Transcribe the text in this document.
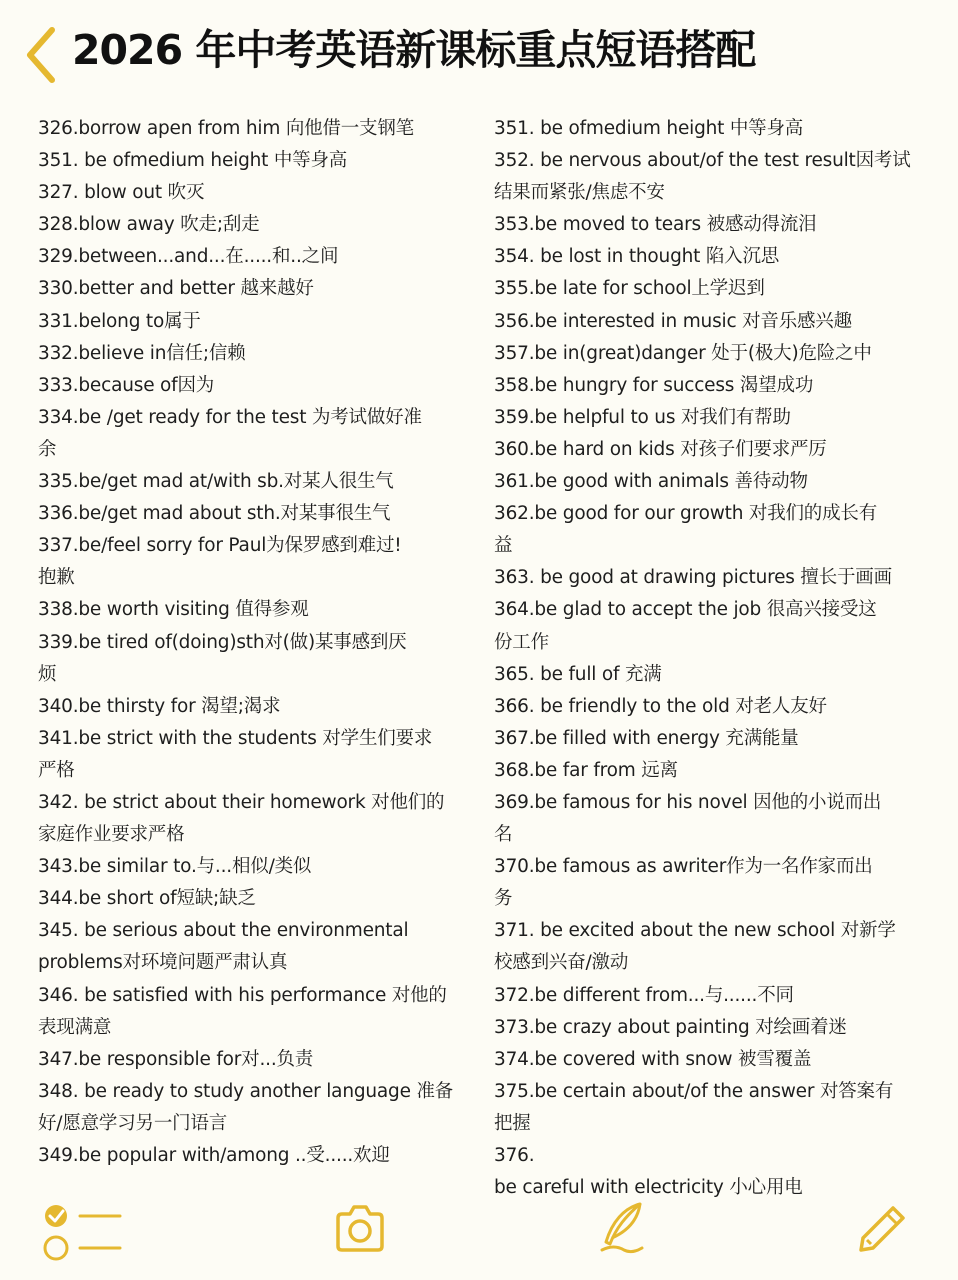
2026 年中考英语新课标重点短语搭配
326.borrow apen from him 向他借一支钢笔
351. be ofmedium height 中等身高
327. blow out 吹灭
328.blow away 吹走;刮走
329.between...and...在.....和..之间
330.better and better 越来越好
331.belong to属于
332.believe in信任;信赖
333.because of因为
334.be /get ready for the test 为考试做好准
余
335.be/get mad at/with sb.对某人很生气
336.be/get mad about sth.对某事很生气
337.be/feel sorry for Paul为保罗感到难过!
抱歉
338.be worth visiting 值得参观
339.be tired of(doing)sth对(做)某事感到厌
烦
340.be thirsty for 渴望;渴求
341.be strict with the students 对学生们要求
严格
342. be strict about their homework 对他们的
家庭作业要求严格
343.be similar to.与...相似/类似
344.be short of短缺;缺乏
345. be serious about the environmental
problems对环境问题严肃认真
346. be satisfied with his performance 对他的
表现满意
347.be responsible for对...负责
348. be ready to study another language 准备
好/愿意学习另一门语言
349.be popular with/among ..受.....欢迎
351. be ofmedium height 中等身高
352. be nervous about/of the test result因考试
结果而紧张/焦虑不安
353.be moved to tears 被感动得流泪
354. be lost in thought 陷入沉思
355.be late for school上学迟到
356.be interested in music 对音乐感兴趣
357.be in(great)danger 处于(极大)危险之中
358.be hungry for success 渴望成功
359.be helpful to us 对我们有帮助
360.be hard on kids 对孩子们要求严厉
361.be good with animals 善待动物
362.be good for our growth 对我们的成长有
益
363. be good at drawing pictures 擅长于画画
364.be glad to accept the job 很高兴接受这
份工作
365. be full of 充满
366. be friendly to the old 对老人友好
367.be filled with energy 充满能量
368.be far from 远离
369.be famous for his novel 因他的小说而出
名
370.be famous as awriter作为一名作家而出
务
371. be excited about the new school 对新学
校感到兴奋/激动
372.be different from...与......不同
373.be crazy about painting 对绘画着迷
374.be covered with snow 被雪覆盖
375.be certain about/of the answer 对答案有
把握
376.
be careful with electricity 小心用电
